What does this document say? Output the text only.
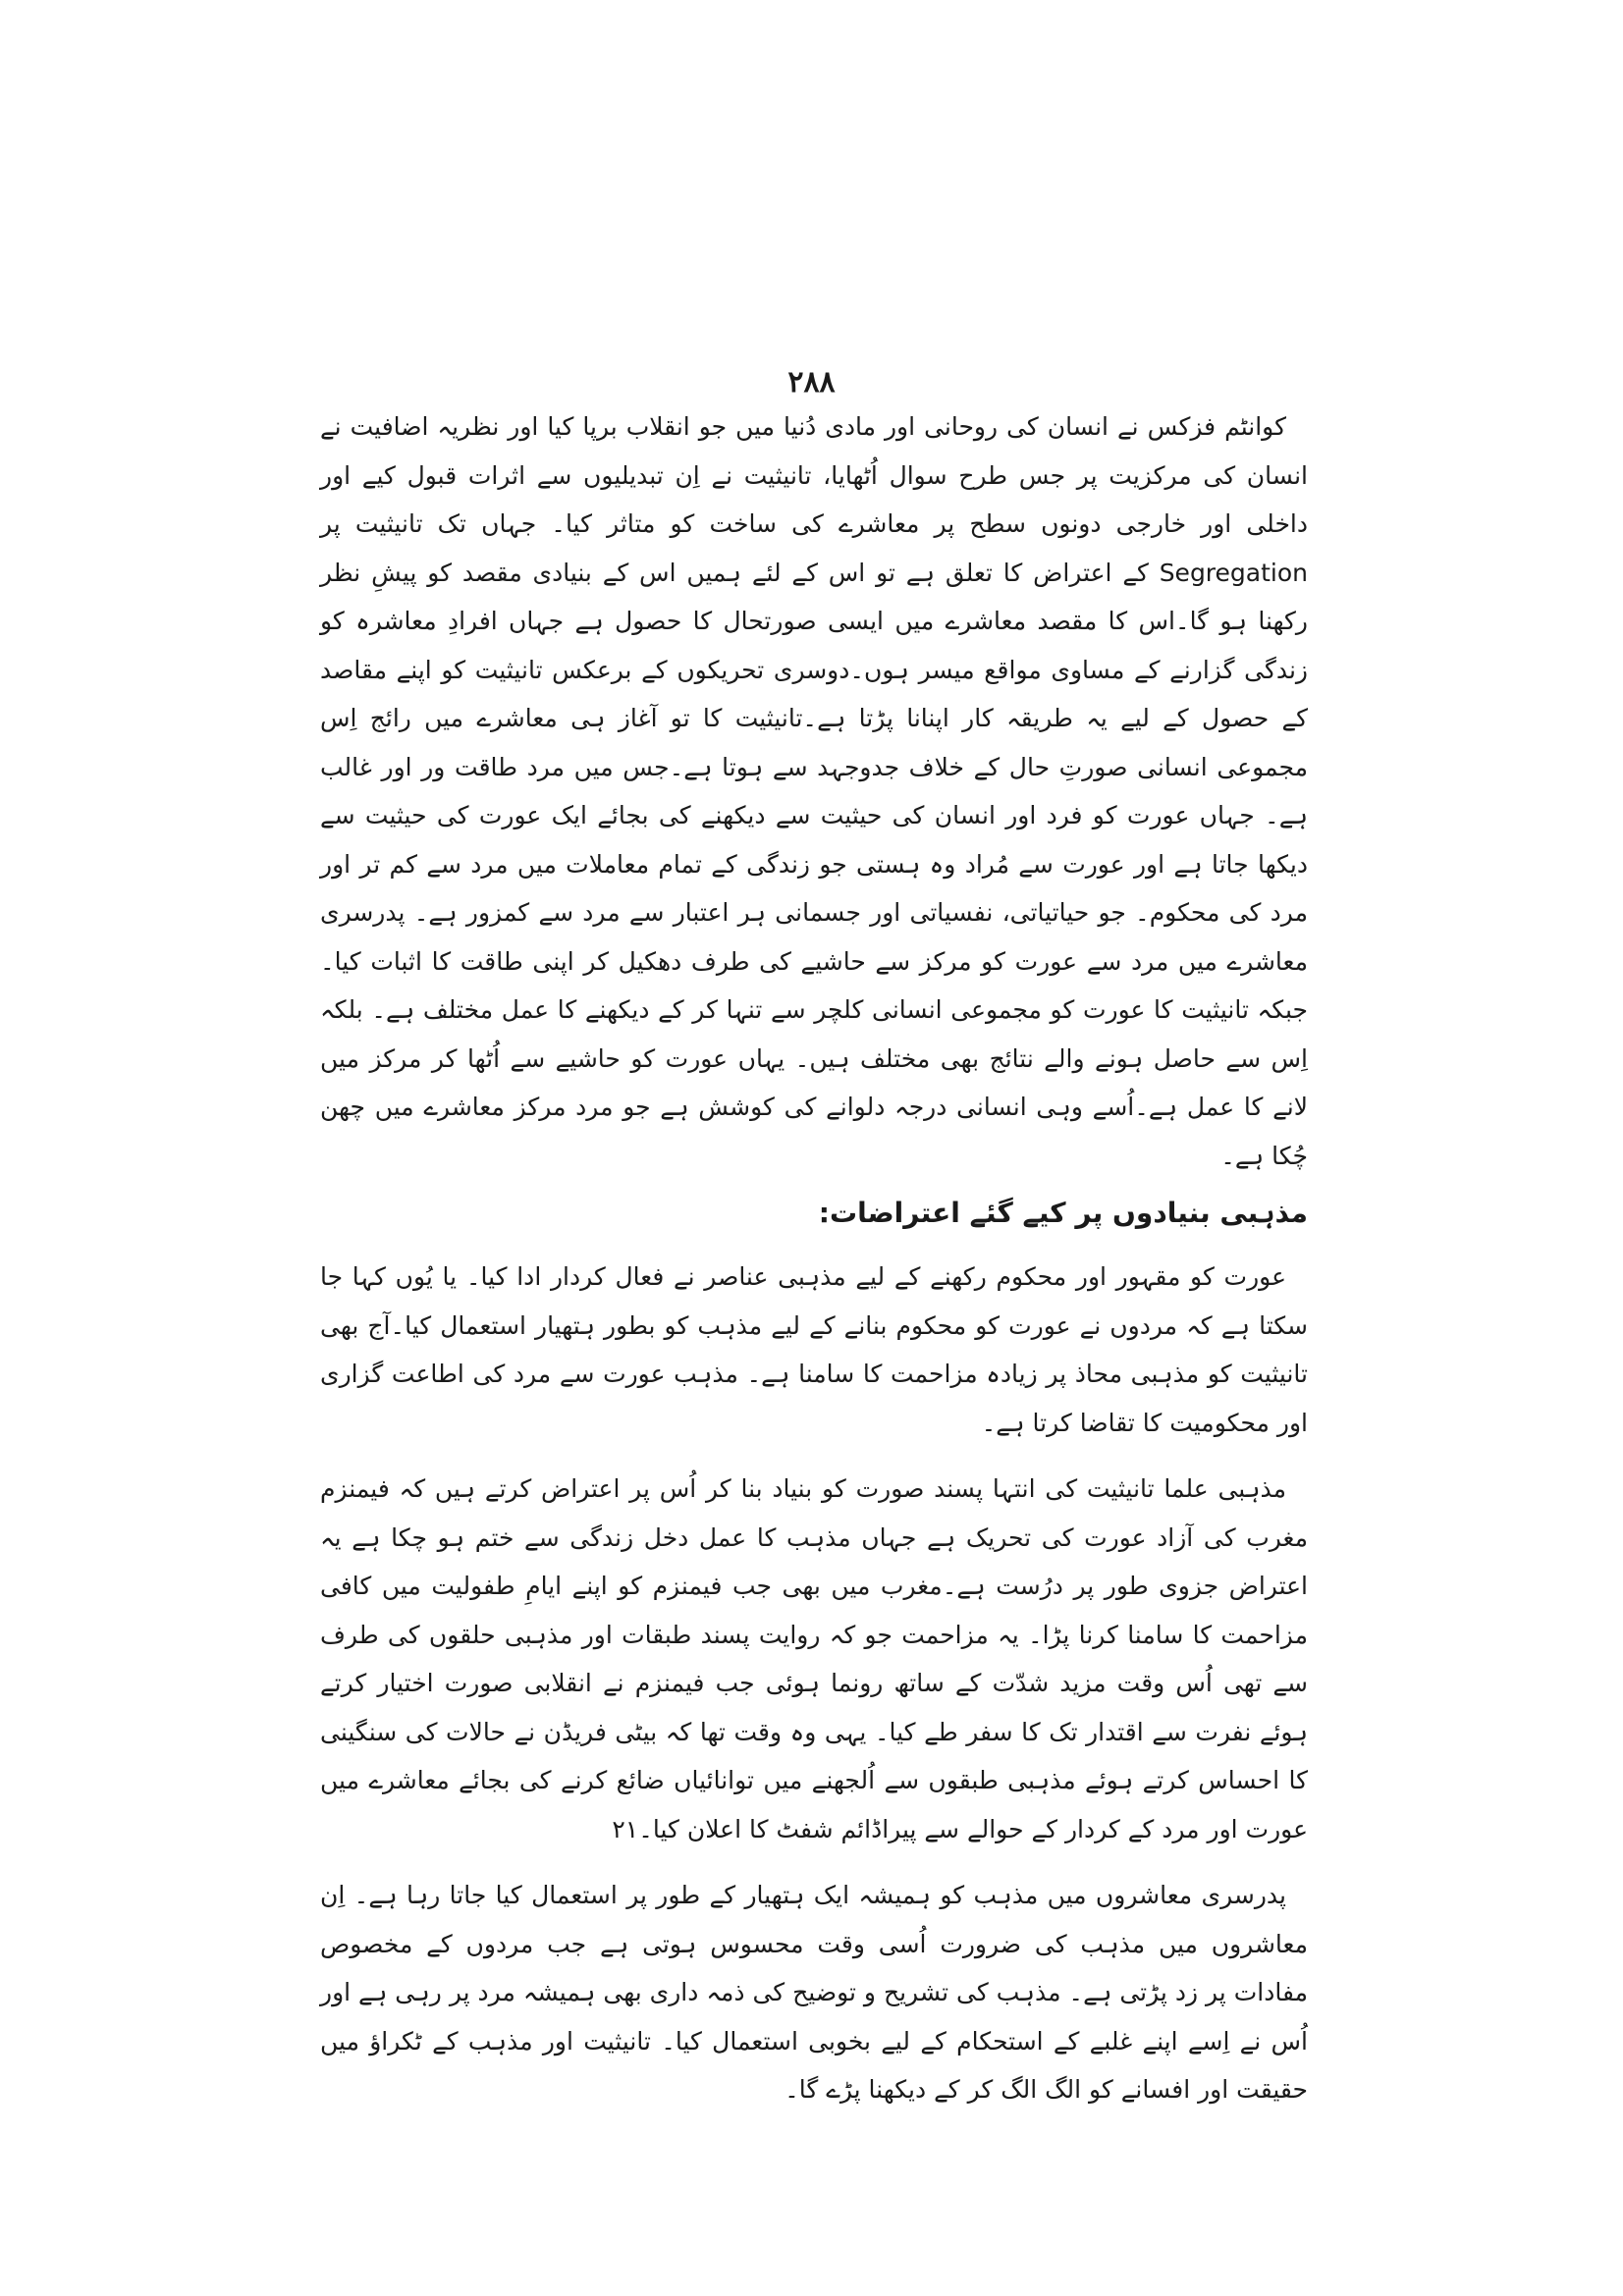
۲۸۸

کوانٹم فزکس نے انسان کی روحانی اور مادی دُنیا میں جو انقلاب برپا کیا اور نظریہ اضافیت نے انسان کی مرکزیت پر جس طرح سوال اُٹھایا، تانیثیت نے اِن تبدیلیوں سے اثرات قبول کیے اور داخلی اور خارجی دونوں سطح پر معاشرے کی ساخت کو متاثر کیا۔ جہاں تک تانیثیت پر Segregation کے اعتراض کا تعلق ہے تو اس کے لئے ہمیں اس کے بنیادی مقصد کو پیشِ نظر رکھنا ہو گا۔اس کا مقصد معاشرے میں ایسی صورتحال کا حصول ہے جہاں افرادِ معاشرہ کو زندگی گزارنے کے مساوی مواقع میسر ہوں۔دوسری تحریکوں کے برعکس تانیثیت کو اپنے مقاصد کے حصول کے لیے یہ طریقہ کار اپنانا پڑتا ہے۔تانیثیت کا تو آغاز ہی معاشرے میں رائج اِس مجموعی انسانی صورتِ حال کے خلاف جدوجہد سے ہوتا ہے۔جس میں مرد طاقت ور اور غالب ہے۔ جہاں عورت کو فرد اور انسان کی حیثیت سے دیکھنے کی بجائے ایک عورت کی حیثیت سے دیکھا جاتا ہے اور عورت سے مُراد وہ ہستی جو زندگی کے تمام معاملات میں مرد سے کم تر اور مرد کی محکوم۔ جو حیاتیاتی، نفسیاتی اور جسمانی ہر اعتبار سے مرد سے کمزور ہے۔ پدرسری معاشرے میں مرد سے عورت کو مرکز سے حاشیے کی طرف دھکیل کر اپنی طاقت کا اثبات کیا۔ جبکہ تانیثیت کا عورت کو مجموعی انسانی کلچر سے تنہا کر کے دیکھنے کا عمل مختلف ہے۔ بلکہ اِس سے حاصل ہونے والے نتائج بھی مختلف ہیں۔ یہاں عورت کو حاشیے سے اُٹھا کر مرکز میں لانے کا عمل ہے۔اُسے وہی انسانی درجہ دلوانے کی کوشش ہے جو مرد مرکز معاشرے میں چھن چُکا ہے۔

مذہبی بنیادوں پر کیے گئے اعتراضات:

عورت کو مقہور اور محکوم رکھنے کے لیے مذہبی عناصر نے فعال کردار ادا کیا۔ یا یُوں کہا جا سکتا ہے کہ مردوں نے عورت کو محکوم بنانے کے لیے مذہب کو بطور ہتھیار استعمال کیا۔آج بھی تانیثیت کو مذہبی محاذ پر زیادہ مزاحمت کا سامنا ہے۔ مذہب عورت سے مرد کی اطاعت گزاری اور محکومیت کا تقاضا کرتا ہے۔

مذہبی علما تانیثیت کی انتہا پسند صورت کو بنیاد بنا کر اُس پر اعتراض کرتے ہیں کہ فیمنزم مغرب کی آزاد عورت کی تحریک ہے جہاں مذہب کا عمل دخل زندگی سے ختم ہو چکا ہے یہ اعتراض جزوی طور پر درُست ہے۔مغرب میں بھی جب فیمنزم کو اپنے ایامِ طفولیت میں کافی مزاحمت کا سامنا کرنا پڑا۔ یہ مزاحمت جو کہ روایت پسند طبقات اور مذہبی حلقوں کی طرف سے تھی اُس وقت مزید شدّت کے ساتھ رونما ہوئی جب فیمنزم نے انقلابی صورت اختیار کرتے ہوئے نفرت سے اقتدار تک کا سفر طے کیا۔ یہی وہ وقت تھا کہ بیٹی فریڈن نے حالات کی سنگینی کا احساس کرتے ہوئے مذہبی طبقوں سے اُلجھنے میں توانائیاں ضائع کرنے کی بجائے معاشرے میں عورت اور مرد کے کردار کے حوالے سے پیراڈائم شفٹ کا اعلان کیا۔۲۱

پدرسری معاشروں میں مذہب کو ہمیشہ ایک ہتھیار کے طور پر استعمال کیا جاتا رہا ہے۔ اِن معاشروں میں مذہب کی ضرورت اُسی وقت محسوس ہوتی ہے جب مردوں کے مخصوص مفادات پر زد پڑتی ہے۔ مذہب کی تشریح و توضیح کی ذمہ داری بھی ہمیشہ مرد پر رہی ہے اور اُس نے اِسے اپنے غلبے کے استحکام کے لیے بخوبی استعمال کیا۔ تانیثیت اور مذہب کے ٹکراؤ میں حقیقت اور افسانے کو الگ الگ کر کے دیکھنا پڑے گا۔
